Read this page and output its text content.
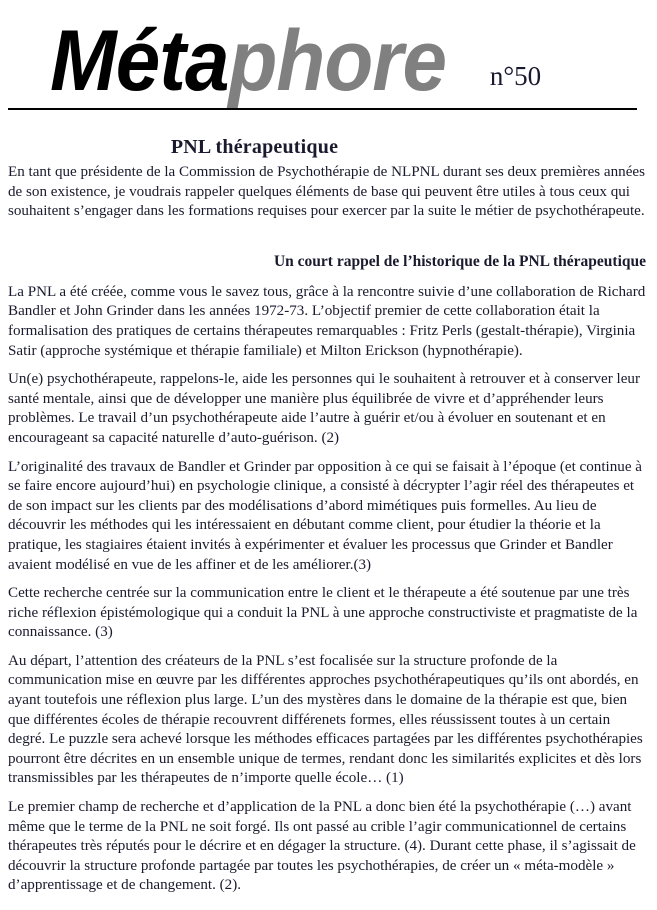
Métaphore n°50
PNL thérapeutique

En tant que présidente de la Commission de Psychothérapie de NLPNL durant ses deux premières années de son existence, je voudrais rappeler quelques éléments de base qui peuvent être utiles à tous ceux qui souhaitent s’engager dans les formations requises pour exercer par la suite le métier de psychothérapeute.

Un court rappel de l’historique de la PNL thérapeutique

La PNL a été créée, comme vous le savez tous, grâce à la rencontre suivie d’une collaboration de Richard Bandler et John Grinder dans les années 1972-73. L’objectif premier de cette collaboration était la formalisation des pratiques de certains thérapeutes remarquables : Fritz Perls (gestalt-thérapie), Virginia Satir (approche systémique et thérapie familiale) et Milton Erickson (hypnothérapie).

Un(e) psychothérapeute, rappelons-le, aide les personnes qui le souhaitent à retrouver et à conserver leur santé mentale, ainsi que de développer une manière plus équilibrée de vivre et d’appréhender leurs problèmes. Le travail d’un psychothérapeute aide l’autre à guérir et/ou à évoluer en soutenant et en encourageant sa capacité naturelle d’auto-guérison. (2)

L’originalité des travaux de Bandler et Grinder par opposition à ce qui se faisait à l’époque (et continue à se faire encore aujourd’hui) en psychologie clinique, a consisté à décrypter l’agir réel des thérapeutes et de son impact sur les clients par des modélisations d’abord mimétiques puis formelles. Au lieu de découvrir les méthodes qui les intéressaient en débutant comme client, pour étudier la théorie et la pratique, les stagiaires étaient invités à expérimenter et évaluer les processus que Grinder et Bandler avaient modélisé en vue de les affiner et de les améliorer.(3)

Cette recherche centrée sur la communication entre le client et le thérapeute a été soutenue par une très riche réflexion épistémologique qui a conduit la PNL à une approche constructiviste et pragmatiste de la connaissance. (3)

Au départ, l’attention des créateurs de la PNL s’est focalisée sur la structure profonde de la communication mise en œuvre par les différentes approches psychothérapeutiques qu’ils ont abordés, en ayant toutefois une réflexion plus large. L’un des mystères dans le domaine de la thérapie est que, bien que différentes écoles de thérapie recouvrent différenets formes, elles réussissent toutes à un certain degré. Le puzzle sera achevé lorsque les méthodes efficaces partagées par les différentes psychothérapies pourront être décrites en un ensemble unique de termes, rendant donc les similarités explicites et dès lors transmissibles par les thérapeutes de n’importe quelle école… (1)

Le premier champ de recherche et d’application de la PNL a donc bien été la psychothérapie (…) avant même que le terme de la PNL ne soit forgé. Ils ont passé au crible l’agir communicationnel de certains thérapeutes très réputés pour le décrire et en dégager la structure. (4). Durant cette phase, il s’agissait de découvrir la structure profonde partagée par toutes les psychothérapies, de créer un « méta-modèle » d’apprentissage et de changement. (2).
